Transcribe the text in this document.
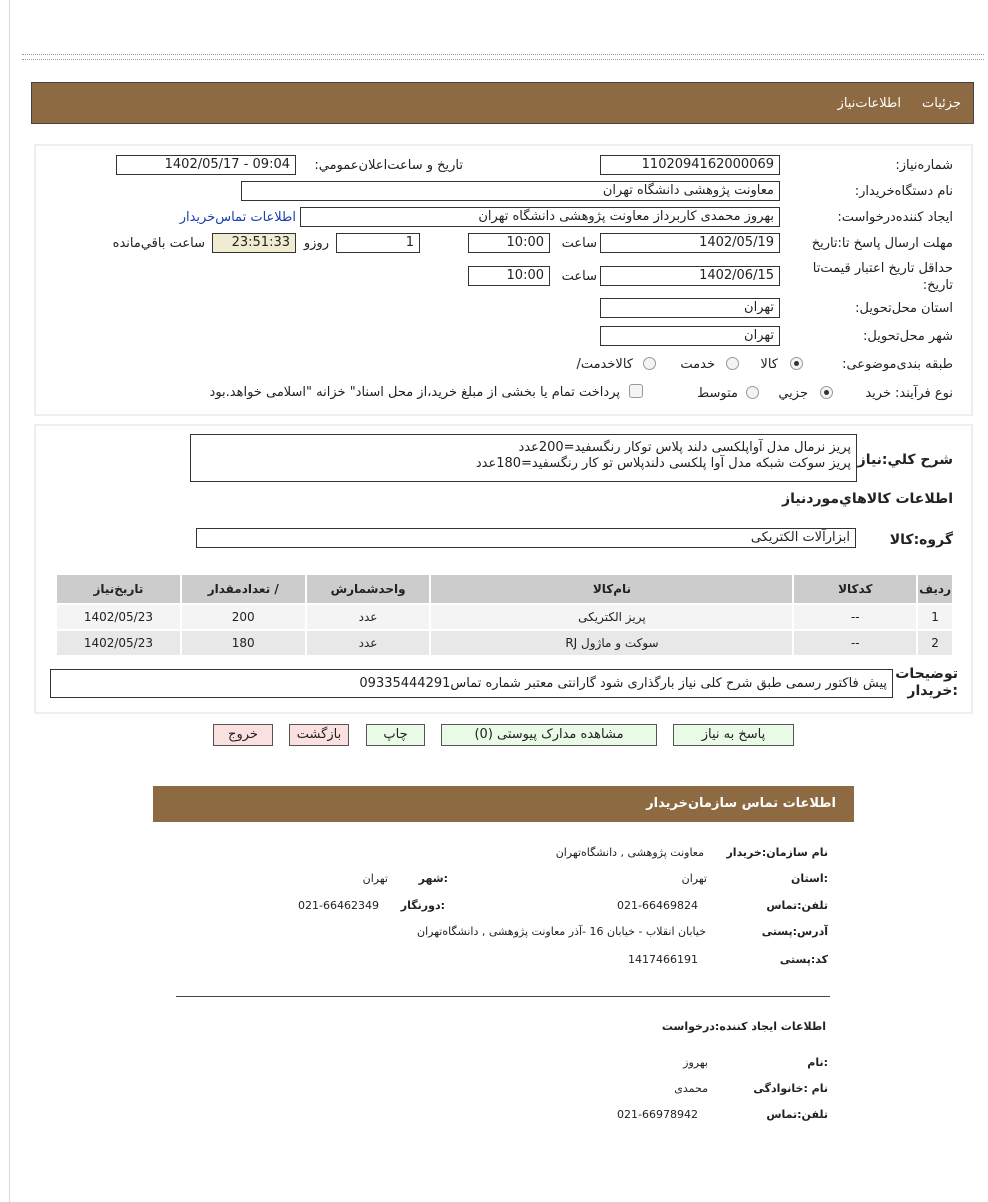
جزئيات
اطلاعات‌نياز
شماره‌نياز:
1102094162000069
تاريخ و ساعت‌اعلان‌عمومي:
1402/05/17 - 09:04
نام دستگاه‌خريدار:
معاونت پژوهشی دانشگاه تهران
ايجاد کننده‌درخواست:
بهروز محمدی کاربرداز معاونت پژوهشی دانشگاه تهران
اطلاعات تماس‌خريدار
مهلت ارسال پاسخ تا:تاريخ
1402/05/19
ساعت
10:00
1
روزو
23:51:33
ساعت باقي‌مانده
حداقل تاريخ اعتبار قيمت‌تا تاريخ:
1402/06/15
ساعت
10:00
استان محل‌تحويل:
تهران
شهر محل‌تحويل:
تهران
طبقه بندی‌موضوعی:
کالا
خدمت
کالاخدمت/
نوع فرآيند:
خريد
جزيي
متوسط
پرداخت تمام يا بخشی از مبلغ خريد،از محل اسناد" خزانه "اسلامی خواهد.بود
شرح کلي:نياز
پريز نرمال مدل آواپلکسی دلند پلاس توکار رنگسفيد=200عدد
پريز سوکت شبکه مدل آوا پلکسی دلندپلاس تو کار رنگسفيد=180عدد
اطلاعات کالاهاي‌مورد‌نياز
گروه:کالا
ابزارآلات الکتريکی
رديف	کدکالا	نام‌کالا	واحدشمارش	/ تعدادمقدار	تاريخ‌نياز
1	--	پريز الکتريکی	عدد	200	1402/05/23
2	--	سوکت و ماژول RJ	عدد	180	1402/05/23
توضيحات :خريدار
پيش فاکتور رسمی طبق شرح کلی نياز بارگذاری شود گارانتی معتبر شماره تماس09335444291
پاسخ به نياز
مشاهده مدارک پيوستی (0)
چاپ
بازگشت
خروج
اطلاعات تماس سازمان‌خريدار
نام سازمان:خريدار
معاونت پژوهشی , دانشگاه‌تهران
:استان
تهران
:شهر
تهران
تلفن:تماس
021-66469824
:دورنگار
021-66462349
آدرس:پستی
خيابان انقلاب - خيابان 16 -آذر معاونت پژوهشی , دانشگاه‌تهران
کد:پستی
1417466191
اطلاعات ايجاد کننده:درخواست
:نام
بهروز
نام :خانوادگی
محمدی
تلفن:تماس
021-66978942
